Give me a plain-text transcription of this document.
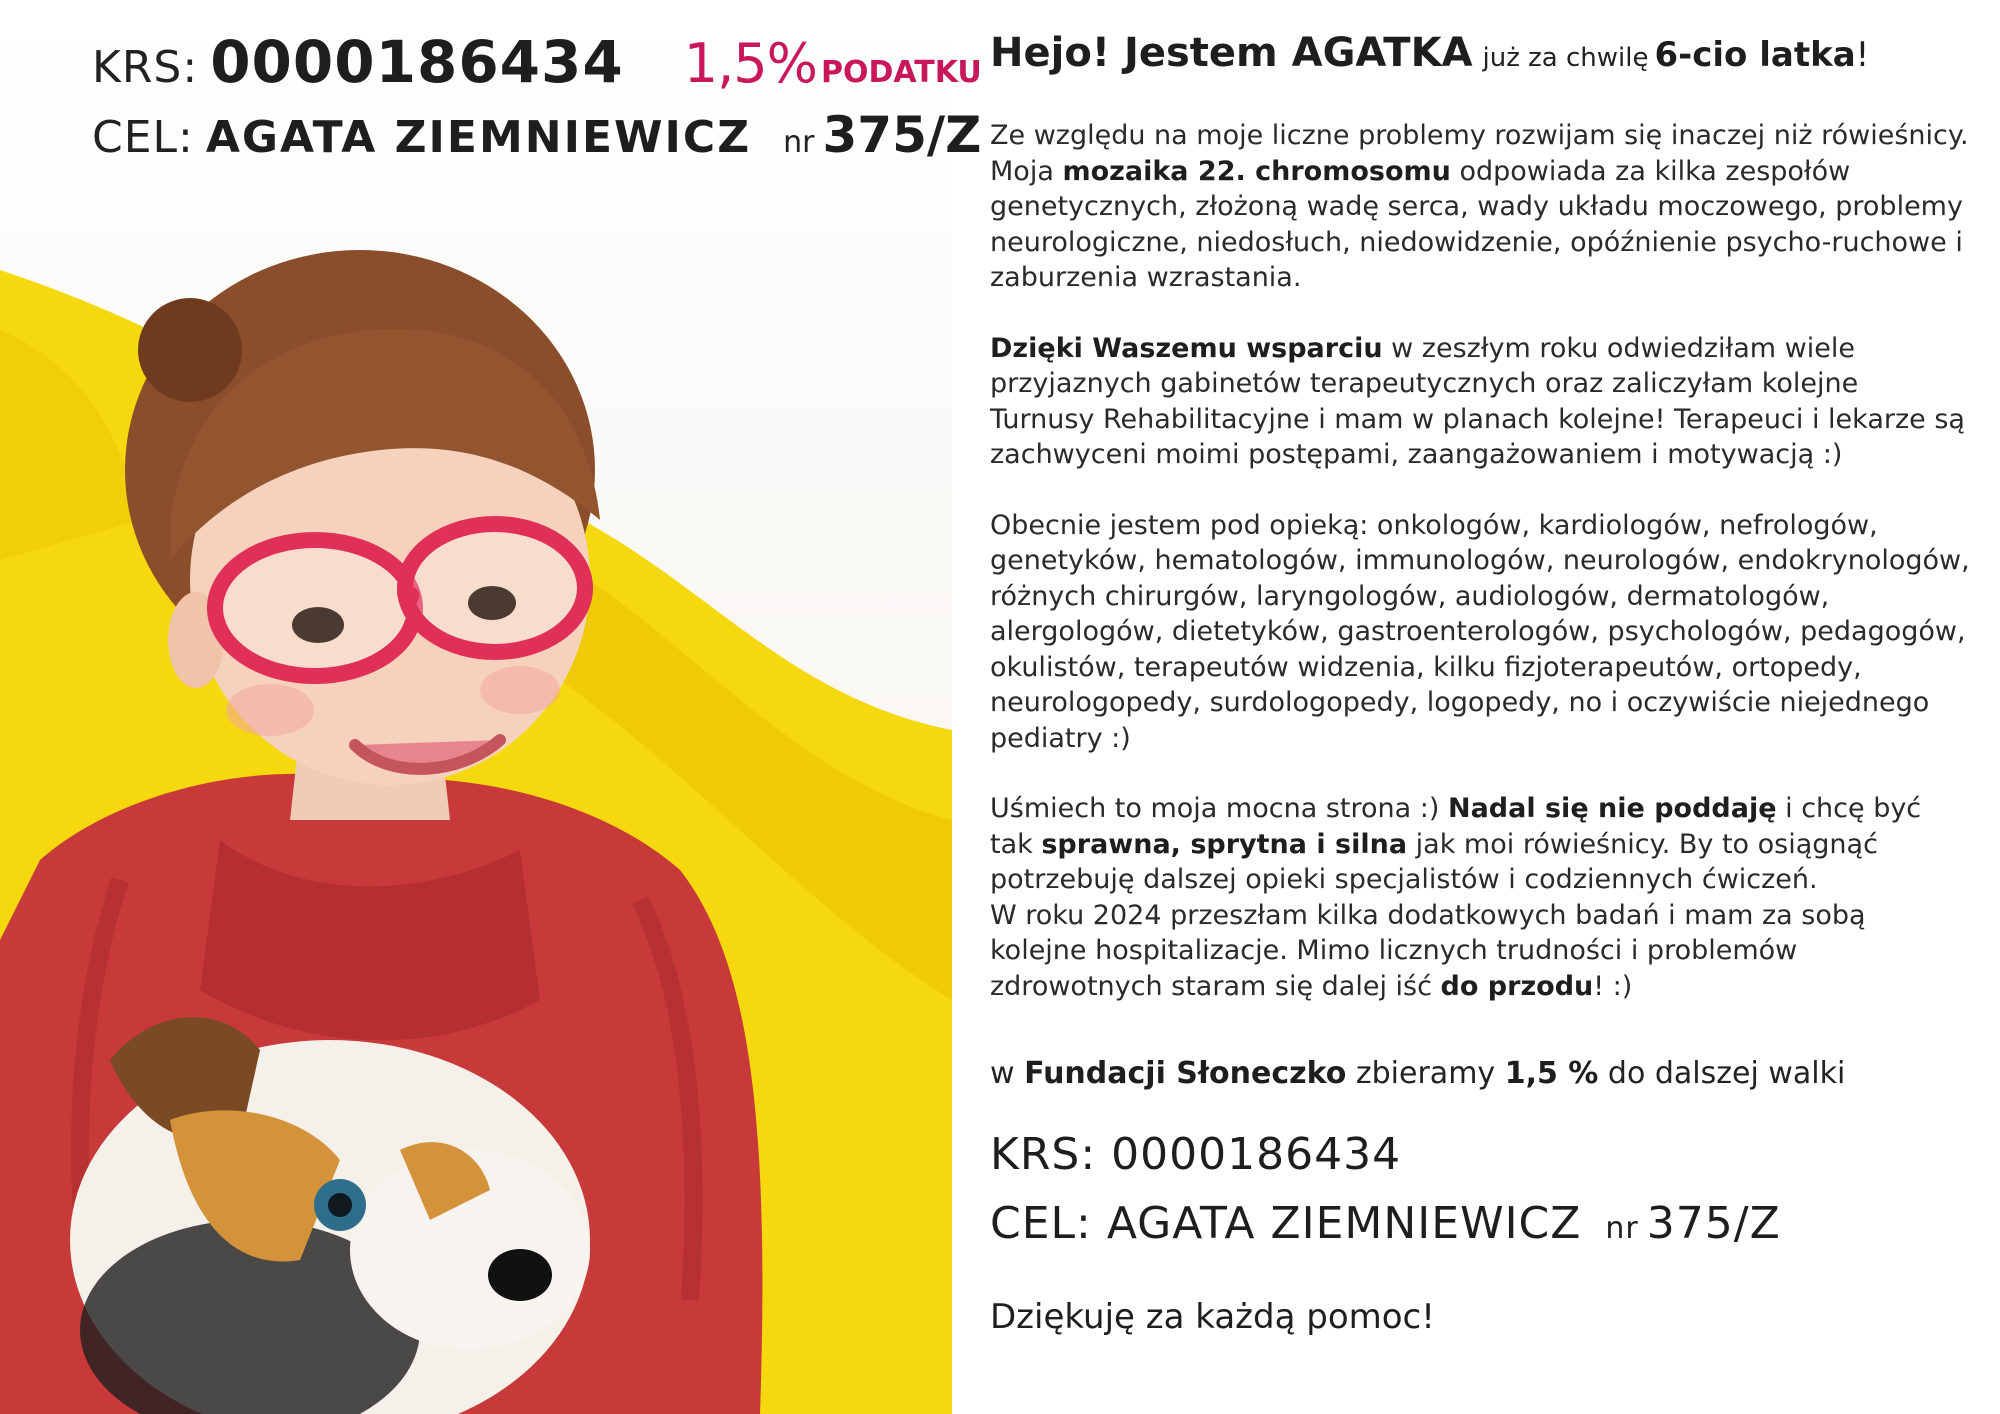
KRS: 0000186434 1,5% PODATKU
CEL: AGATA ZIEMNIEWICZ nr 375/Z
Hejo! Jestem AGATKA już za chwilę 6-cio latka!

Ze względu na moje liczne problemy rozwijam się inaczej niż rówieśnicy. Moja mozaika 22. chromosomu odpowiada za kilka zespołów genetycznych, złożoną wadę serca, wady układu moczowego, problemy neurologiczne, niedosłuch, niedowidzenie, opóźnienie psycho-ruchowe i zaburzenia wzrastania.

Dzięki Waszemu wsparciu w zeszłym roku odwiedziłam wiele przyjaznych gabinetów terapeutycznych oraz zaliczyłam kolejne Turnusy Rehabilitacyjne i mam w planach kolejne! Terapeuci i lekarze są zachwyceni moimi postępami, zaangażowaniem i motywacją :)

Obecnie jestem pod opieką: onkologów, kardiologów, nefrologów, genetyków, hematologów, immunologów, neurologów, endokrynologów, różnych chirurgów, laryngologów, audiologów, dermatologów, alergologów, dietetyków, gastroenterologów, psychologów, pedagogów, okulistów, terapeutów widzenia, kilku fizjoterapeutów, ortopedy, neurologopedy, surdologopedy, logopedy, no i oczywiście niejednego pediatry :)

Uśmiech to moja mocna strona :) Nadal się nie poddaję i chcę być tak sprawna, sprytna i silna jak moi rówieśnicy. By to osiągnąć potrzebuję dalszej opieki specjalistów i codziennych ćwiczeń.
W roku 2024 przeszłam kilka dodatkowych badań i mam za sobą kolejne hospitalizacje. Mimo licznych trudności i problemów zdrowotnych staram się dalej iść do przodu! :)

w Fundacji Słoneczko zbieramy 1,5 % do dalszej walki
KRS: 0000186434
CEL: AGATA ZIEMNIEWICZ nr 375/Z
Dziękuję za każdą pomoc!
